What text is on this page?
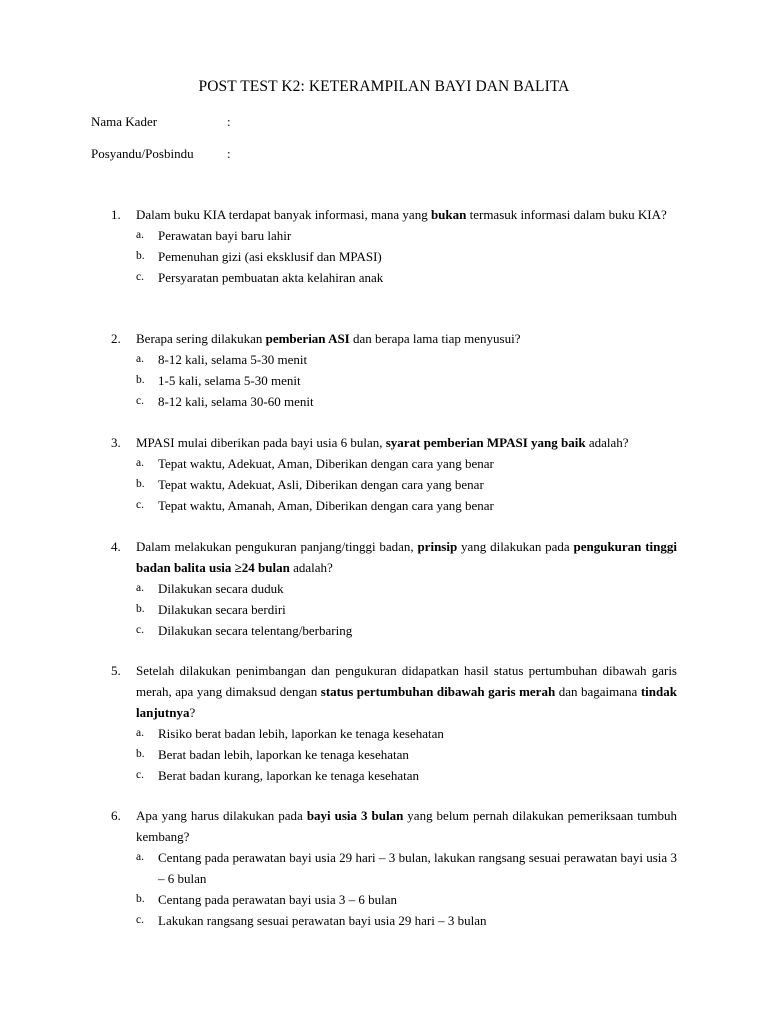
POST TEST K2: KETERAMPILAN BAYI DAN BALITA
Nama Kader	:
Posyandu/Posbindu	:
1. Dalam buku KIA terdapat banyak informasi, mana yang bukan termasuk informasi dalam buku KIA?
a. Perawatan bayi baru lahir
b. Pemenuhan gizi (asi eksklusif dan MPASI)
c. Persyaratan pembuatan akta kelahiran anak
2. Berapa sering dilakukan pemberian ASI dan berapa lama tiap menyusui?
a. 8-12 kali, selama 5-30 menit
b. 1-5 kali, selama 5-30 menit
c. 8-12 kali, selama 30-60 menit
3. MPASI mulai diberikan pada bayi usia 6 bulan, syarat pemberian MPASI yang baik adalah?
a. Tepat waktu, Adekuat, Aman, Diberikan dengan cara yang benar
b. Tepat waktu, Adekuat, Asli, Diberikan dengan cara yang benar
c. Tepat waktu, Amanah, Aman, Diberikan dengan cara yang benar
4. Dalam melakukan pengukuran panjang/tinggi badan, prinsip yang dilakukan pada pengukuran tinggi badan balita usia ≥24 bulan adalah?
a. Dilakukan secara duduk
b. Dilakukan secara berdiri
c. Dilakukan secara telentang/berbaring
5. Setelah dilakukan penimbangan dan pengukuran didapatkan hasil status pertumbuhan dibawah garis merah, apa yang dimaksud dengan status pertumbuhan dibawah garis merah dan bagaimana tindak lanjutnya?
a. Risiko berat badan lebih, laporkan ke tenaga kesehatan
b. Berat badan lebih, laporkan ke tenaga kesehatan
c. Berat badan kurang, laporkan ke tenaga kesehatan
6. Apa yang harus dilakukan pada bayi usia 3 bulan yang belum pernah dilakukan pemeriksaan tumbuh kembang?
a. Centang pada perawatan bayi usia 29 hari – 3 bulan, lakukan rangsang sesuai perawatan bayi usia 3 – 6 bulan
b. Centang pada perawatan bayi usia 3 – 6 bulan
c. Lakukan rangsang sesuai perawatan bayi usia 29 hari – 3 bulan
